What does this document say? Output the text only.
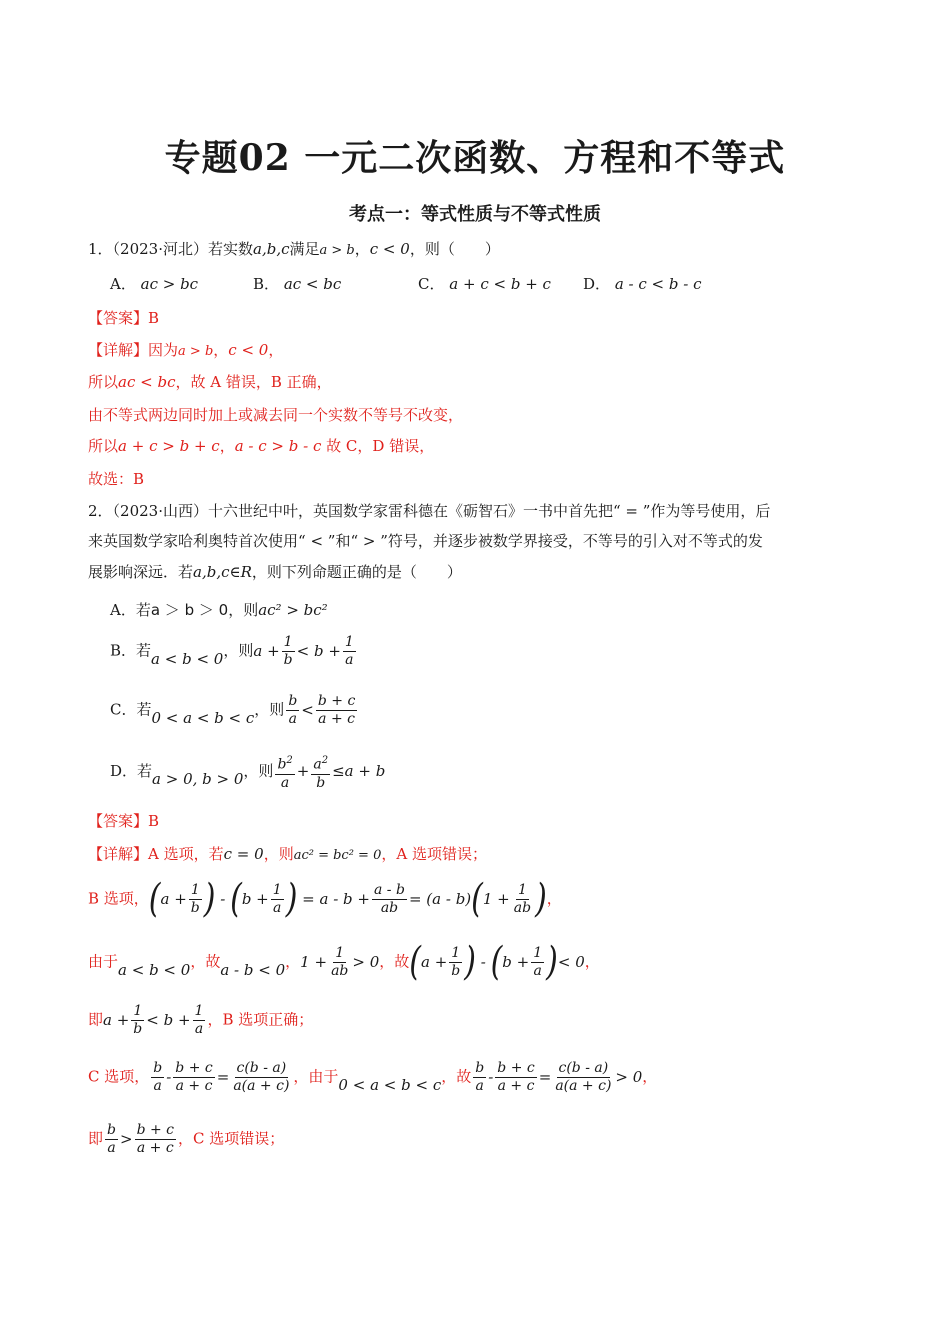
专题02 一元二次函数、方程和不等式
考点一：等式性质与不等式性质
1．（2023·河北）若实数a,b,c满足a > b，c < 0，则（　　）
A． ac > bc	B． ac < bc	C． a + c < b + c D． a - c < b - c
【答案】B
【详解】因为a > b，c < 0，
所以ac < bc，故 A 错误，B 正确，
由不等式两边同时加上或减去同一个实数不等号不改变，
所以a + c > b + c，a - c > b - c 故 C，D 错误，
故选：B
2．（2023·山西）十六世纪中叶，英国数学家雷科德在《砺智石》一书中首先把“ = ”作为等号使用，后
来英国数学家哈利奥特首次使用“ < ”和“ > ”符号，并逐步被数学界接受，不等号的引入对不等式的发
展影响深远．若a,b,c∈R，则下列命题正确的是（　　）
A．若a ＞ b ＞ 0，则ac² > bc²
B．若a < b < 0，则$a + \frac{1}{b} < b + \frac{1}{a}$
C．若0 < a < b < c，则 $\frac{b}{a} < \frac{b + c}{a + c}$
D．若a > 0, b > 0，则 $\frac{b^2}{a} + \frac{a^2}{b} \le a + b$
【答案】B
【详解】A 选项，若c = 0，则ac² = bc² = 0，A 选项错误；
B 选项，($a + \frac{1}{b}$ ) - ($b + \frac{1}{a}$ ) = $a - b + \frac{a - b}{ab} = (a - b)(1 + \frac{1}{ab}$ )，
由于a < b < 0，故a - b < 0，$1 + \frac{1}{ab} > 0$，故($a + \frac{1}{b}$ ) - ($b + \frac{1}{a}$ )< 0，
即$a + \frac{1}{b} < b + \frac{1}{a}$ ，B 选项正确；
C 选项， $\frac{b}{a} - \frac{b + c}{a + c} = \frac{c(b - a)}{a(a + c)}$ ，由于0 < a < b < c，故 $\frac{b}{a} - \frac{b + c}{a + c} = \frac{c(b - a)}{a(a + c)} > 0$，
即 $\frac{b}{a} > \frac{b + c}{a + c}$ ，C 选项错误；
